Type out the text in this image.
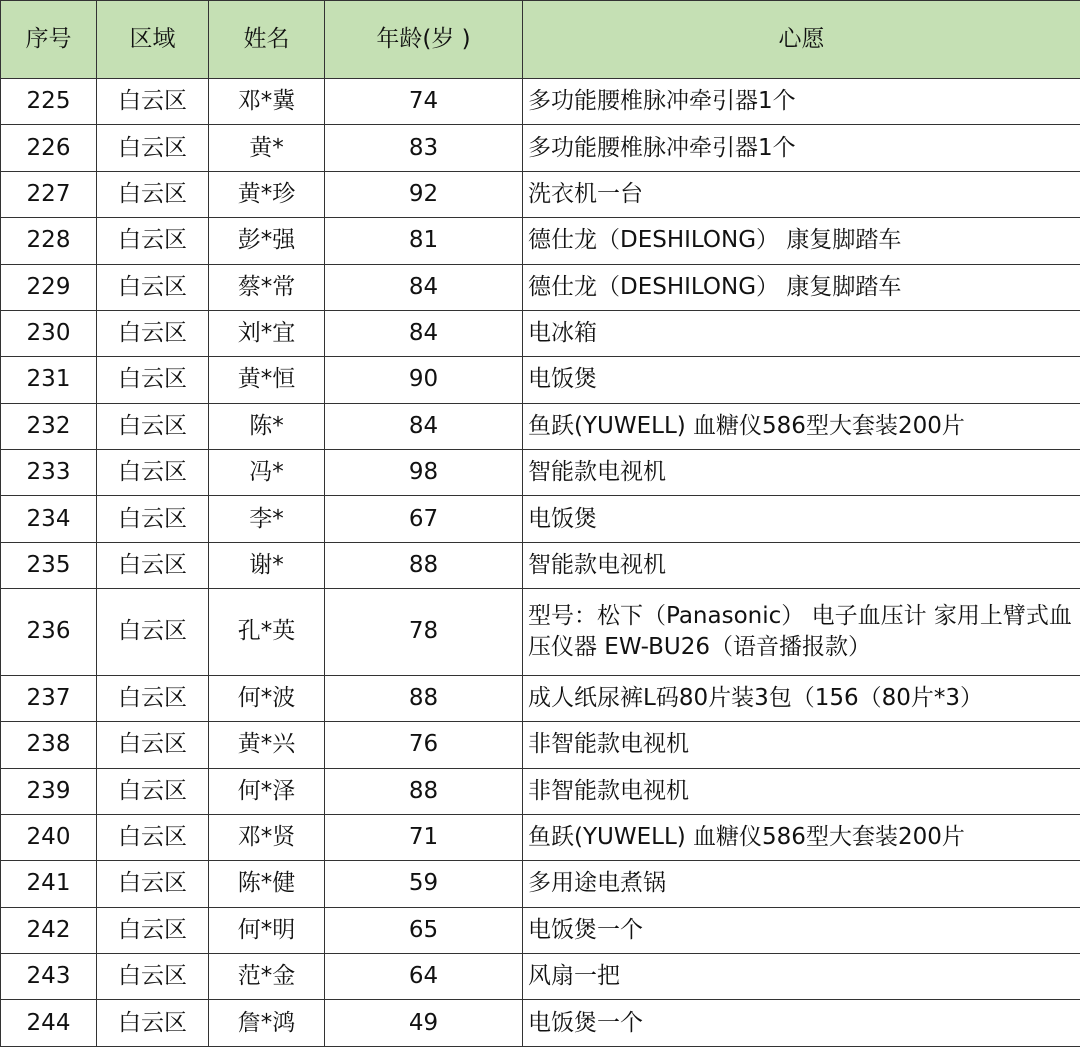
序号	区域	姓名	年龄(岁 )	心愿
225	白云区	邓*冀	74	多功能腰椎脉冲牵引器1个
226	白云区	黄*	83	多功能腰椎脉冲牵引器1个
227	白云区	黄*珍	92	洗衣机一台
228	白云区	彭*强	81	德仕龙（DESHILONG） 康复脚踏车
229	白云区	蔡*常	84	德仕龙（DESHILONG） 康复脚踏车
230	白云区	刘*宜	84	电冰箱
231	白云区	黄*恒	90	电饭煲
232	白云区	陈*	84	鱼跃(YUWELL) 血糖仪586型大套装200片
233	白云区	冯*	98	智能款电视机
234	白云区	李*	67	电饭煲
235	白云区	谢*	88	智能款电视机
236	白云区	孔*英	78	型号：松下（Panasonic） 电子血压计 家用上臂式血压仪器 EW-BU26（语音播报款）
237	白云区	何*波	88	成人纸尿裤L码80片装3包（156（80片*3）
238	白云区	黄*兴	76	非智能款电视机
239	白云区	何*泽	88	非智能款电视机
240	白云区	邓*贤	71	鱼跃(YUWELL) 血糖仪586型大套装200片
241	白云区	陈*健	59	多用途电煮锅
242	白云区	何*明	65	电饭煲一个
243	白云区	范*金	64	风扇一把
244	白云区	詹*鸿	49	电饭煲一个
